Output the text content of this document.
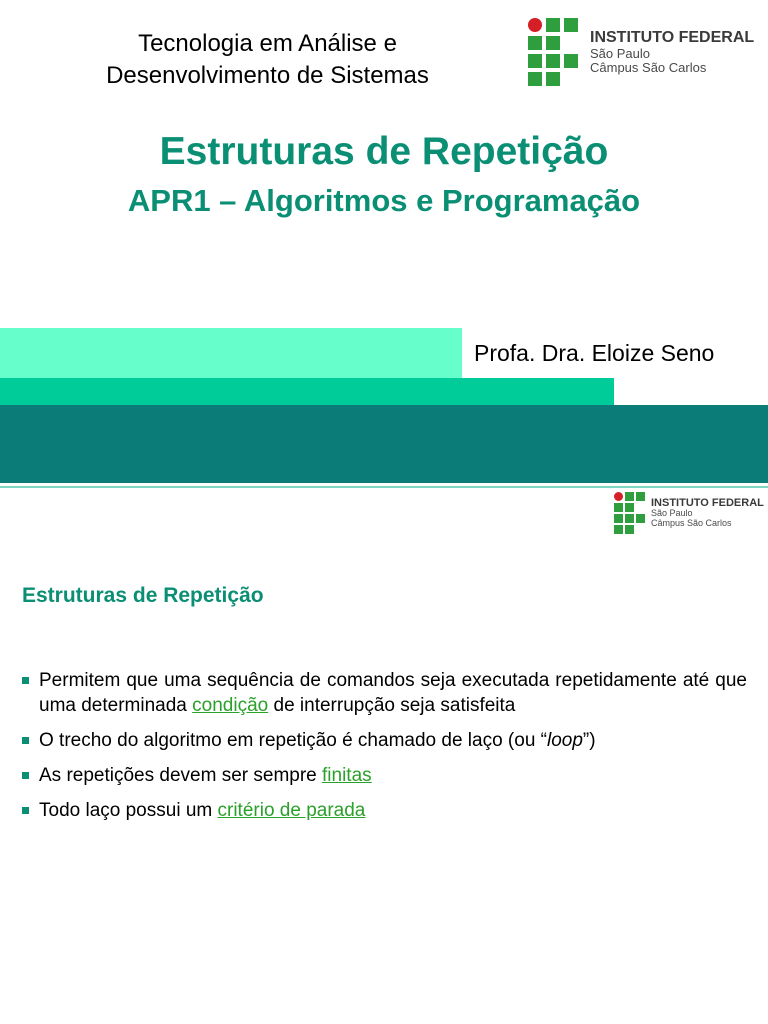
Tecnologia em Análise e
Desenvolvimento de Sistemas
INSTITUTO FEDERAL
São Paulo
Câmpus São Carlos
Estruturas de Repetição
APR1 – Algoritmos e Programação
Profa. Dra. Eloize Seno
INSTITUTO FEDERAL
São Paulo
Câmpus São Carlos
Estruturas de Repetição
Permitem que uma sequência de comandos seja executada repetidamente até que uma determinada condição de interrupção seja satisfeita
O trecho do algoritmo em repetição é chamado de laço (ou “loop”)
As repetições devem ser sempre finitas
Todo laço possui um critério de parada
